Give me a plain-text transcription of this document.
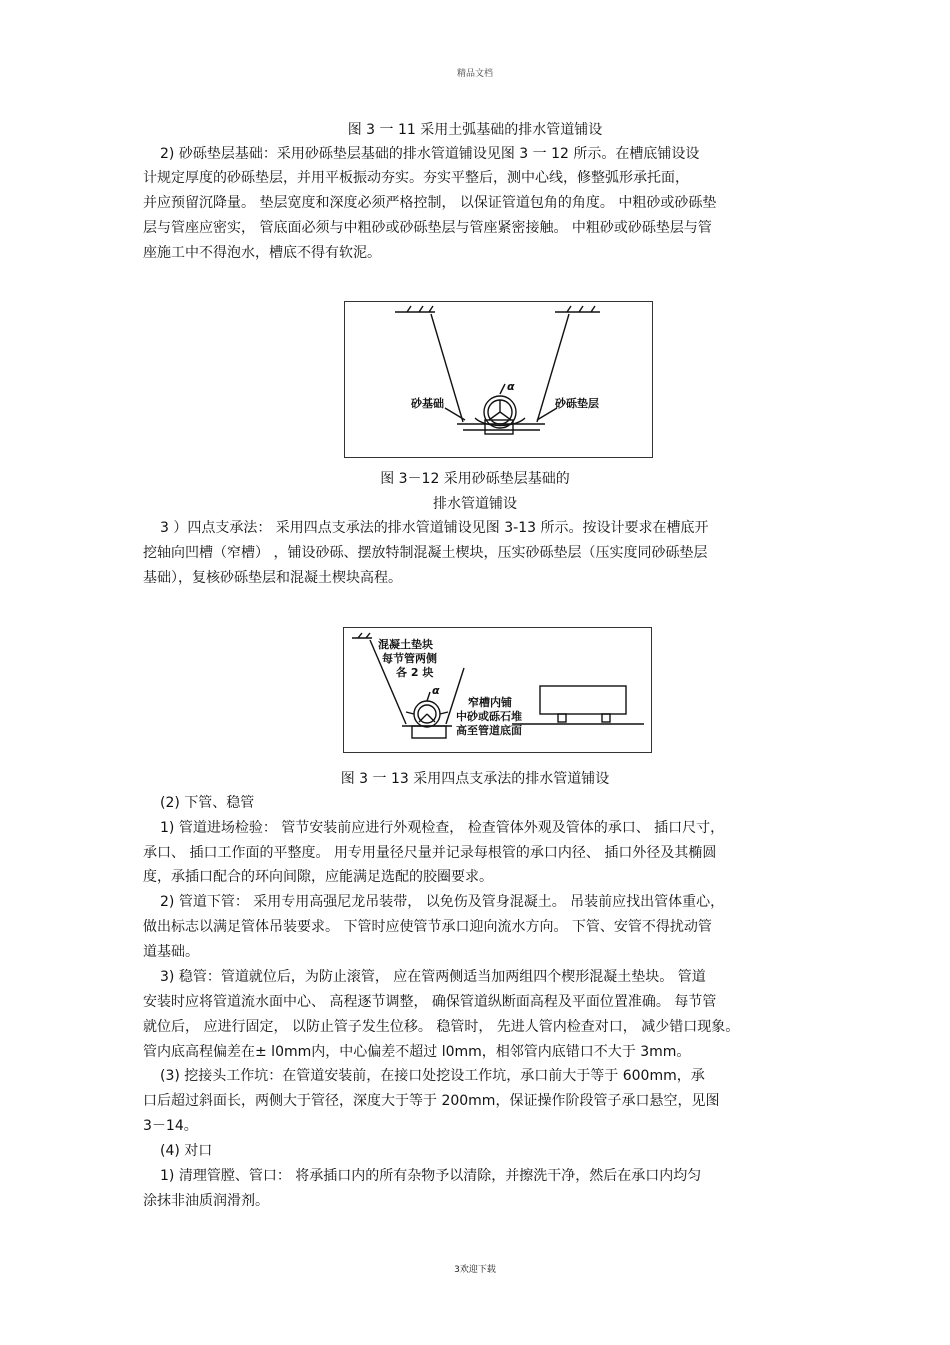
精品文档
图 3 一 11 采用土弧基础的排水管道铺设
2) 砂砾垫层基础：采用砂砾垫层基础的排水管道铺设见图 3 一 12 所示。在槽底铺设设
计规定厚度的砂砾垫层，并用平板振动夯实。夯实平整后，测中心线，修整弧形承托面，
并应预留沉降量。 垫层宽度和深度必须严格控制， 以保证管道包角的角度。 中粗砂或砂砾垫
层与管座应密实， 管底面必须与中粗砂或砂砾垫层与管座紧密接触。 中粗砂或砂砾垫层与管
座施工中不得泡水，槽底不得有软泥。
α
砂基础	砂砾垫层
图 3－12 采用砂砾垫层基础的
排水管道铺设
3 ）四点支承法： 采用四点支承法的排水管道铺设见图 3-13 所示。按设计要求在槽底开
挖轴向凹槽（窄槽） ，铺设砂砾、摆放特制混凝土楔块，压实砂砾垫层（压实度同砂砾垫层
基础），复核砂砾垫层和混凝土楔块高程。
α
混凝土垫块
每节管两侧
各 2 块
窄槽内铺
中砂或砾石堆
高至管道底面
图 3 一 13 采用四点支承法的排水管道铺设
(2) 下管、稳管
1) 管道进场检验： 管节安装前应进行外观检查， 检查管体外观及管体的承口、 插口尺寸，
承口、 插口工作面的平整度。 用专用量径尺量并记录每根管的承口内径、 插口外径及其椭圆
度，承插口配合的环向间隙，应能满足选配的胶圈要求。
2) 管道下管： 采用专用高强尼龙吊装带， 以免伤及管身混凝土。 吊装前应找出管体重心，
做出标志以满足管体吊装要求。 下管时应使管节承口迎向流水方向。 下管、安管不得扰动管
道基础。
3) 稳管：管道就位后，为防止滚管， 应在管两侧适当加两组四个楔形混凝土垫块。 管道
安装时应将管道流水面中心、 高程逐节调整， 确保管道纵断面高程及平面位置准确。 每节管
就位后， 应进行固定， 以防止管子发生位移。 稳管时， 先进人管内检查对口， 减少错口现象。
管内底高程偏差在± l0mm内，中心偏差不超过 l0mm，相邻管内底错口不大于 3mm。
(3) 挖接头工作坑：在管道安装前，在接口处挖设工作坑，承口前大于等于 600mm，承
口后超过斜面长，两侧大于管径，深度大于等于 200mm，保证操作阶段管子承口悬空，见图
3－14。
(4) 对口
1) 清理管膛、管口： 将承插口内的所有杂物予以清除，并擦洗干净，然后在承口内均匀
涂抹非油质润滑剂。
3欢迎下载
